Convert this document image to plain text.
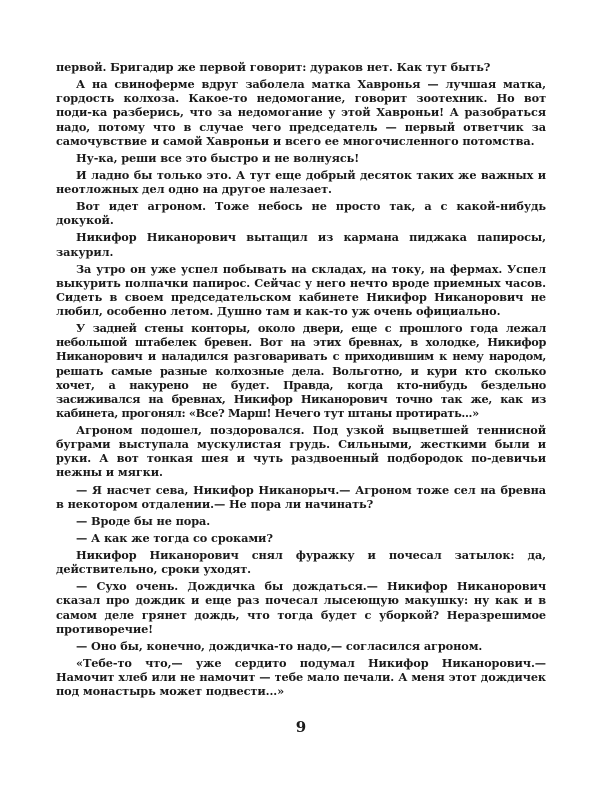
первой. Бригадир же первой говорит: дураков нет. Как тут быть?

А на свиноферме вдруг заболела матка Хавронья — лучшая матка, гордость колхоза. Какое-то недомогание, говорит зоотехник. Но вот поди-ка разберись, что за недомогание у этой Хавроньи! А разобраться надо, потому что в случае чего председатель — первый ответчик за самочувствие и самой Хавроньи и всего ее многочисленного потомства.

Ну-ка, реши все это быстро и не волнуясь!

И ладно бы только это. А тут еще добрый десяток таких же важных и неотложных дел одно на другое налезает.

Вот идет агроном. Тоже небось не просто так, а с какой-нибудь докукой.

Никифор Никанорович вытащил из кармана пиджака папиросы, закурил.

За утро он уже успел побывать на складах, на току, на фермах. Успел выкурить полпачки папирос. Сейчас у него нечто вроде приемных часов. Сидеть в своем председательском кабинете Никифор Никанорович не любил, особенно летом. Душно там и как-то уж очень официально.

У задней стены конторы, около двери, еще с прошлого года лежал небольшой штабелек бревен. Вот на этих бревнах, в холодке, Никифор Никанорович и наладился разговаривать с приходившим к нему народом, решать самые разные колхозные дела. Вольготно, и кури кто сколько хочет, а накурено не будет. Правда, когда кто-нибудь бездельно засиживался на бревнах, Никифор Никанорович точно так же, как из кабинета, прогонял: «Все? Марш! Нечего тут штаны протирать...»

Агроном подошел, поздоровался. Под узкой выцветшей теннисной буграми выступала мускулистая грудь. Сильными, жесткими были и руки. А вот тонкая шея и чуть раздвоенный подбородок по-девичьи нежны и мягки.

— Я насчет сева, Никифор Никанорыч.— Агроном тоже сел на бревна в некотором отдалении.— Не пора ли начинать?

— Вроде бы не пора.

— А как же тогда со сроками?

Никифор Никанорович снял фуражку и почесал затылок: да, действительно, сроки уходят.

— Сухо очень. Дождичка бы дождаться.— Никифор Никанорович сказал про дождик и еще раз почесал лысеющую макушку: ну как и в самом деле грянет дождь, что тогда будет с уборкой? Неразрешимое противоречие!

— Оно бы, конечно, дождичка-то надо,— согласился агроном.

«Тебе-то что,— уже сердито подумал Никифор Никанорович.— Намочит хлеб или не намочит — тебе мало печали. А меня этот дождичек под монастырь может подвести...»

9
